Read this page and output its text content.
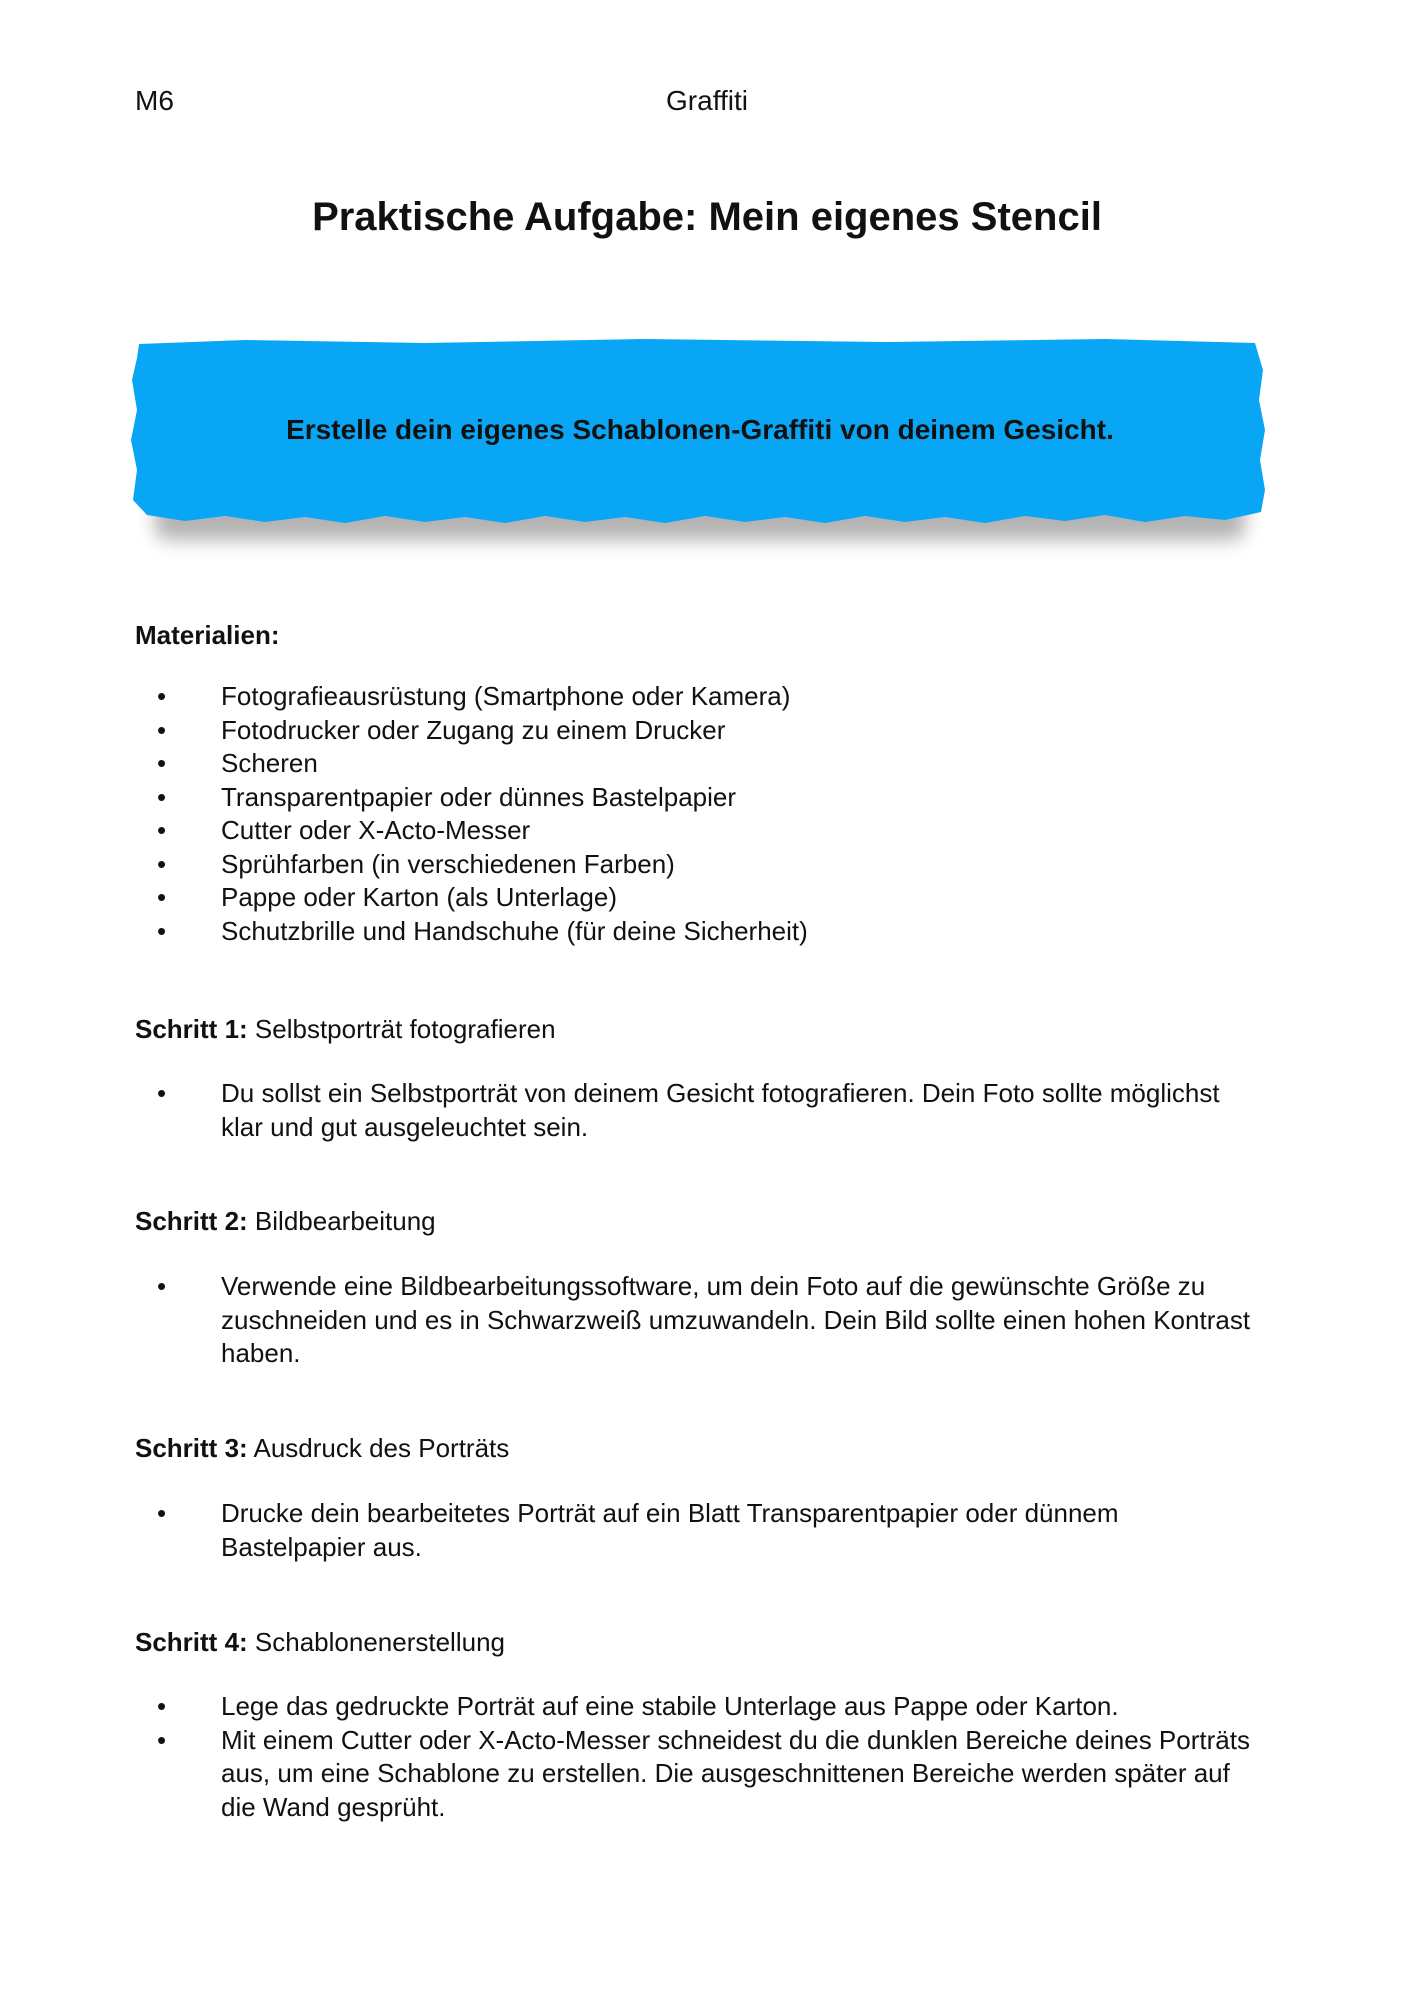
M6	Graffiti
Praktische Aufgabe: Mein eigenes Stencil
Erstelle dein eigenes Schablonen-Graffiti von deinem Gesicht.
Materialien:
• Fotografieausrüstung (Smartphone oder Kamera)
• Fotodrucker oder Zugang zu einem Drucker
• Scheren
• Transparentpapier oder dünnes Bastelpapier
• Cutter oder X-Acto-Messer
• Sprühfarben (in verschiedenen Farben)
• Pappe oder Karton (als Unterlage)
• Schutzbrille und Handschuhe (für deine Sicherheit)
Schritt 1: Selbstporträt fotografieren
• Du sollst ein Selbstporträt von deinem Gesicht fotografieren. Dein Foto sollte möglichst klar und gut ausgeleuchtet sein.
Schritt 2: Bildbearbeitung
• Verwende eine Bildbearbeitungssoftware, um dein Foto auf die gewünschte Größe zu zuschneiden und es in Schwarzweiß umzuwandeln. Dein Bild sollte einen hohen Kontrast haben.
Schritt 3: Ausdruck des Porträts
• Drucke dein bearbeitetes Porträt auf ein Blatt Transparentpapier oder dünnem Bastelpapier aus.
Schritt 4: Schablonenerstellung
• Lege das gedruckte Porträt auf eine stabile Unterlage aus Pappe oder Karton.
• Mit einem Cutter oder X-Acto-Messer schneidest du die dunklen Bereiche deines Porträts aus, um eine Schablone zu erstellen. Die ausgeschnittenen Bereiche werden später auf die Wand gesprüht.
